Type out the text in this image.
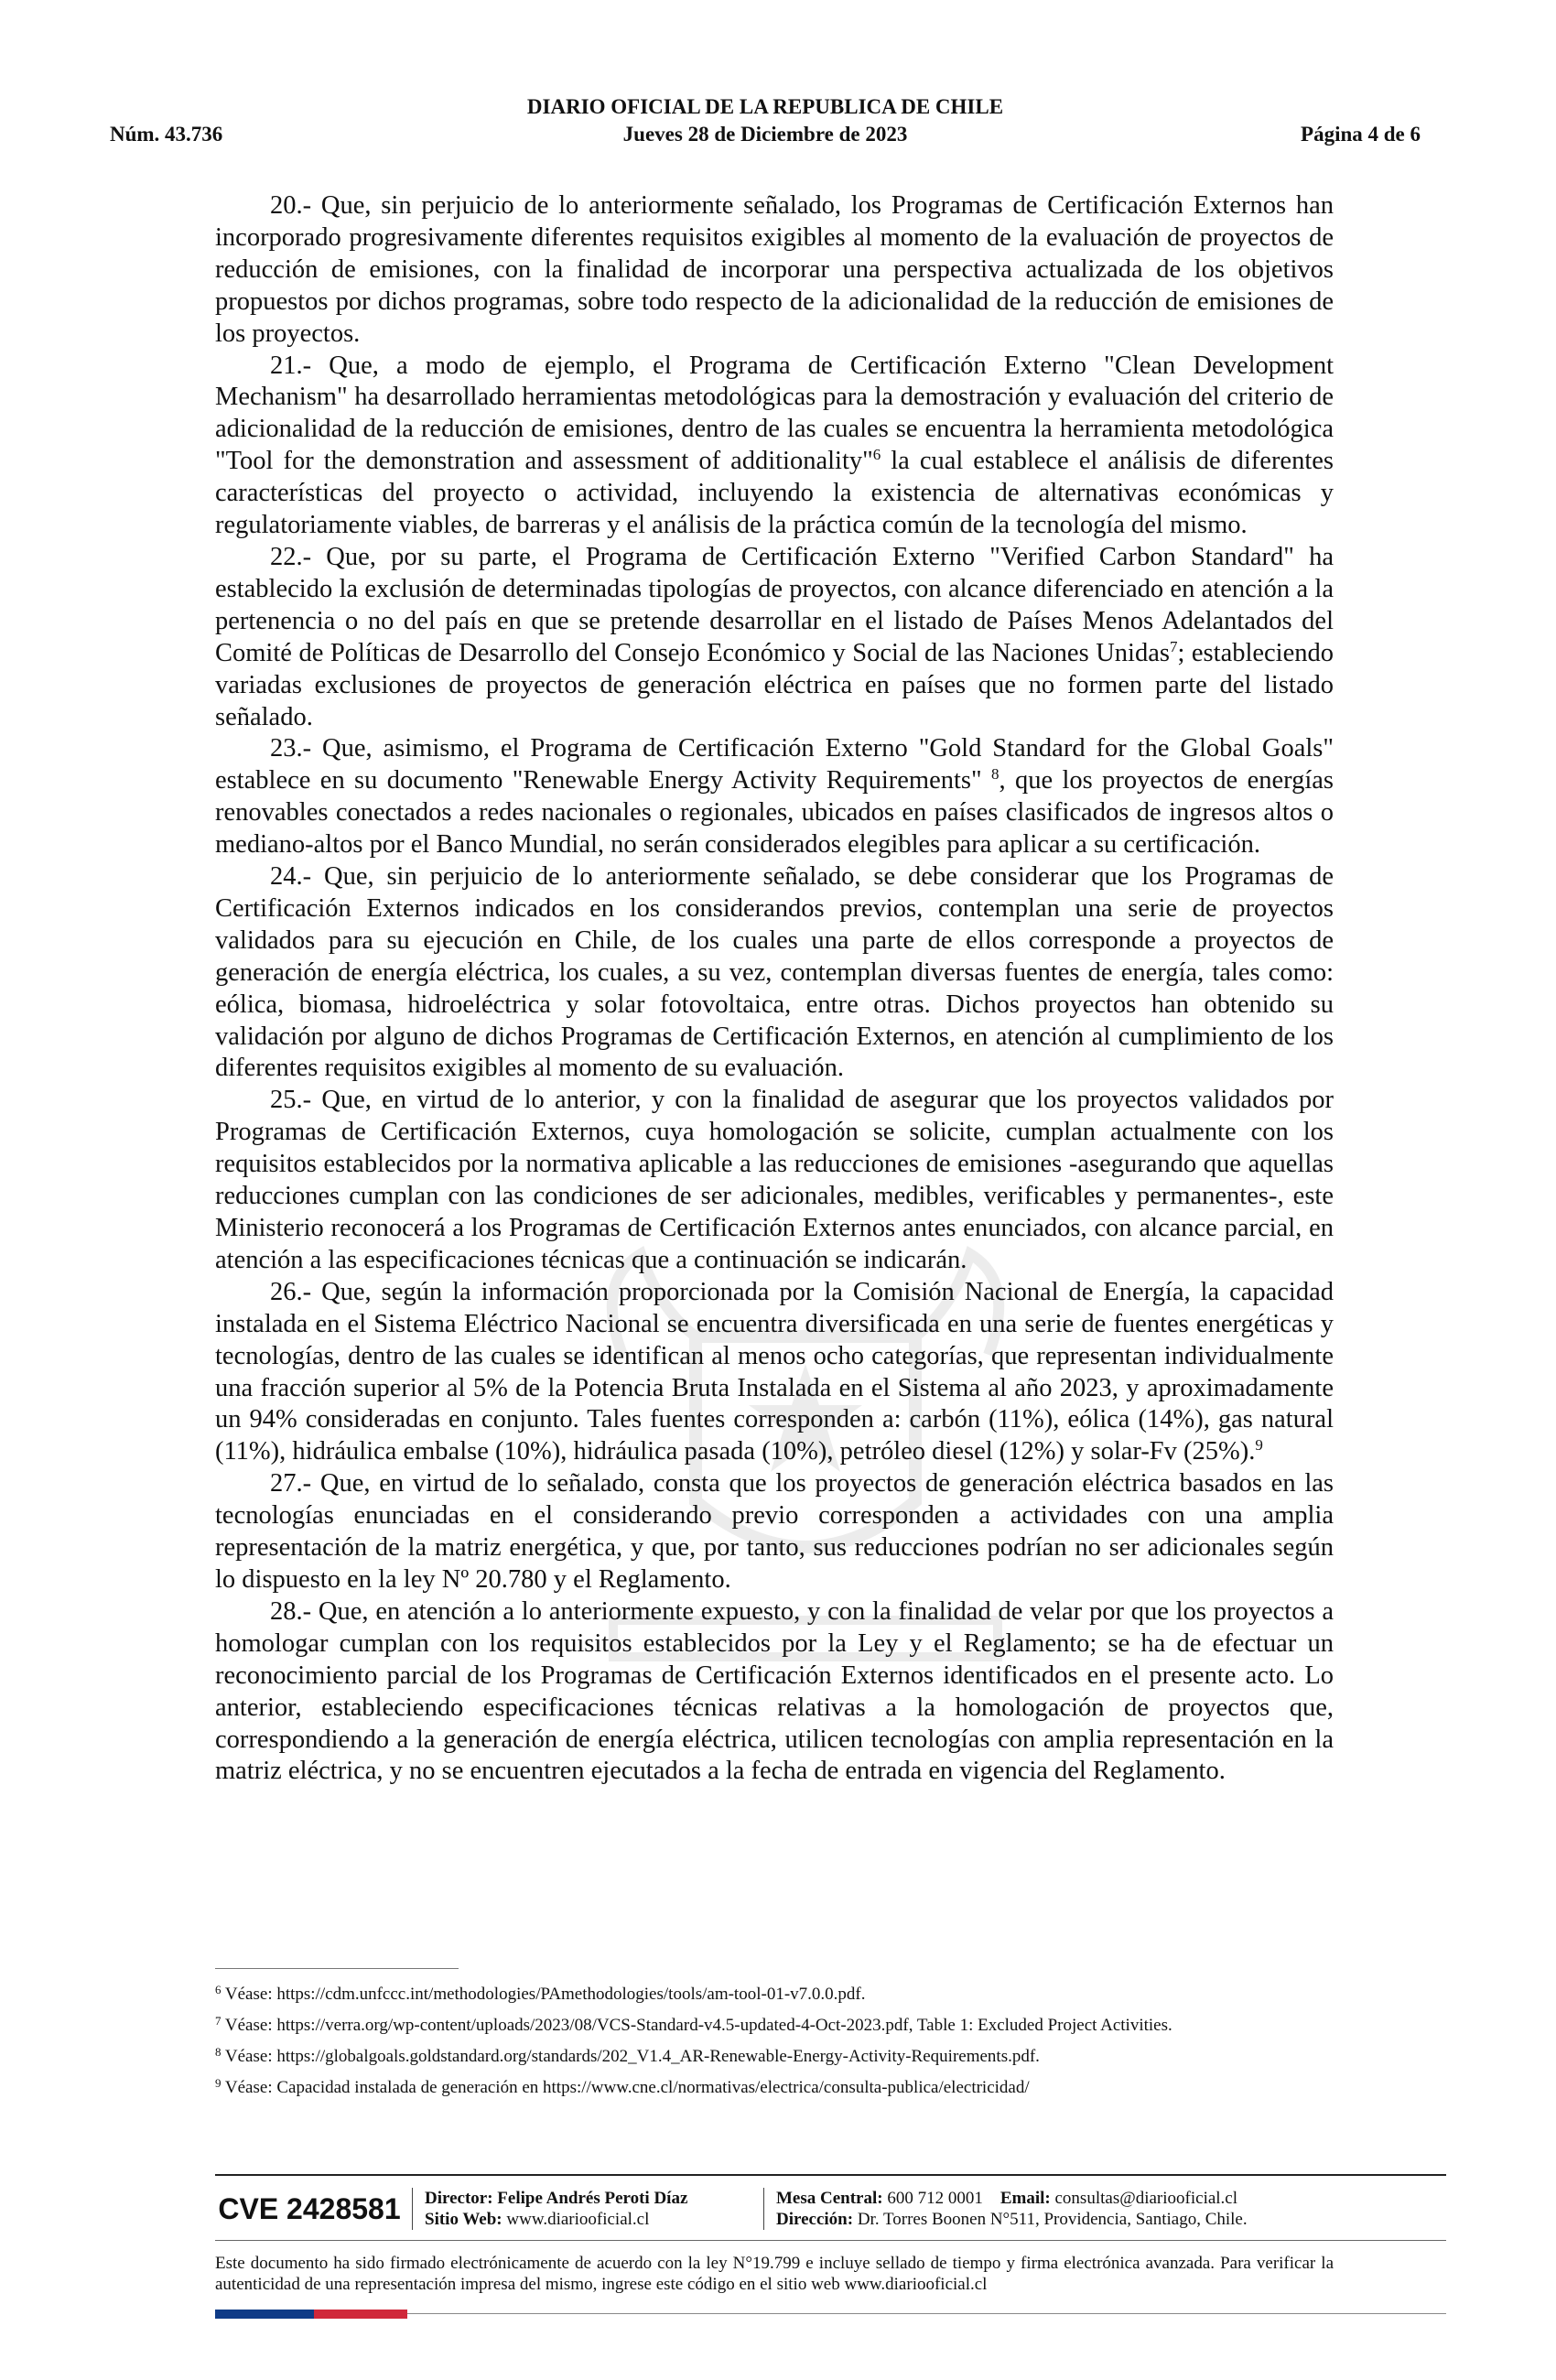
DIARIO OFICIAL DE LA REPUBLICA DE CHILE
Núm. 43.736	Jueves 28 de Diciembre de 2023	Página 4 de 6

20.- Que, sin perjuicio de lo anteriormente señalado, los Programas de Certificación Externos han incorporado progresivamente diferentes requisitos exigibles al momento de la evaluación de proyectos de reducción de emisiones, con la finalidad de incorporar una perspectiva actualizada de los objetivos propuestos por dichos programas, sobre todo respecto de la adicionalidad de la reducción de emisiones de los proyectos.

21.- Que, a modo de ejemplo, el Programa de Certificación Externo "Clean Development Mechanism" ha desarrollado herramientas metodológicas para la demostración y evaluación del criterio de adicionalidad de la reducción de emisiones, dentro de las cuales se encuentra la herramienta metodológica "Tool for the demonstration and assessment of additionality"$^6$ la cual establece el análisis de diferentes características del proyecto o actividad, incluyendo la existencia de alternativas económicas y regulatoriamente viables, de barreras y el análisis de la práctica común de la tecnología del mismo.

22.- Que, por su parte, el Programa de Certificación Externo "Verified Carbon Standard" ha establecido la exclusión de determinadas tipologías de proyectos, con alcance diferenciado en atención a la pertenencia o no del país en que se pretende desarrollar en el listado de Países Menos Adelantados del Comité de Políticas de Desarrollo del Consejo Económico y Social de las Naciones Unidas$^7$; estableciendo variadas exclusiones de proyectos de generación eléctrica en países que no formen parte del listado señalado.

23.- Que, asimismo, el Programa de Certificación Externo "Gold Standard for the Global Goals" establece en su documento "Renewable Energy Activity Requirements" $^8$, que los proyectos de energías renovables conectados a redes nacionales o regionales, ubicados en países clasificados de ingresos altos o mediano-altos por el Banco Mundial, no serán considerados elegibles para aplicar a su certificación.

24.- Que, sin perjuicio de lo anteriormente señalado, se debe considerar que los Programas de Certificación Externos indicados en los considerandos previos, contemplan una serie de proyectos validados para su ejecución en Chile, de los cuales una parte de ellos corresponde a proyectos de generación de energía eléctrica, los cuales, a su vez, contemplan diversas fuentes de energía, tales como: eólica, biomasa, hidroeléctrica y solar fotovoltaica, entre otras. Dichos proyectos han obtenido su validación por alguno de dichos Programas de Certificación Externos, en atención al cumplimiento de los diferentes requisitos exigibles al momento de su evaluación.

25.- Que, en virtud de lo anterior, y con la finalidad de asegurar que los proyectos validados por Programas de Certificación Externos, cuya homologación se solicite, cumplan actualmente con los requisitos establecidos por la normativa aplicable a las reducciones de emisiones -asegurando que aquellas reducciones cumplan con las condiciones de ser adicionales, medibles, verificables y permanentes-, este Ministerio reconocerá a los Programas de Certificación Externos antes enunciados, con alcance parcial, en atención a las especificaciones técnicas que a continuación se indicarán.

26.- Que, según la información proporcionada por la Comisión Nacional de Energía, la capacidad instalada en el Sistema Eléctrico Nacional se encuentra diversificada en una serie de fuentes energéticas y tecnologías, dentro de las cuales se identifican al menos ocho categorías, que representan individualmente una fracción superior al 5% de la Potencia Bruta Instalada en el Sistema al año 2023, y aproximadamente un 94% consideradas en conjunto. Tales fuentes corresponden a: carbón (11%), eólica (14%), gas natural (11%), hidráulica embalse (10%), hidráulica pasada (10%), petróleo diesel (12%) y solar-Fv (25%).$^9$

27.- Que, en virtud de lo señalado, consta que los proyectos de generación eléctrica basados en las tecnologías enunciadas en el considerando previo corresponden a actividades con una amplia representación de la matriz energética, y que, por tanto, sus reducciones podrían no ser adicionales según lo dispuesto en la ley Nº 20.780 y el Reglamento.

28.- Que, en atención a lo anteriormente expuesto, y con la finalidad de velar por que los proyectos a homologar cumplan con los requisitos establecidos por la Ley y el Reglamento; se ha de efectuar un reconocimiento parcial de los Programas de Certificación Externos identificados en el presente acto. Lo anterior, estableciendo especificaciones técnicas relativas a la homologación de proyectos que, correspondiendo a la generación de energía eléctrica, utilicen tecnologías con amplia representación en la matriz eléctrica, y no se encuentren ejecutados a la fecha de entrada en vigencia del Reglamento.

$^6$ Véase: https://cdm.unfccc.int/methodologies/PAmethodologies/tools/am-tool-01-v7.0.0.pdf.

$^7$ Véase: https://verra.org/wp-content/uploads/2023/08/VCS-Standard-v4.5-updated-4-Oct-2023.pdf, Table 1: Excluded Project Activities.

$^8$ Véase: https://globalgoals.goldstandard.org/standards/202_V1.4_AR-Renewable-Energy-Activity-Requirements.pdf.

$^9$ Véase: Capacidad instalada de generación en https://www.cne.cl/normativas/electrica/consulta-publica/electricidad/

CVE 2428581	Director: Felipe Andrés Peroti Díaz
Sitio Web: www.diariooficial.cl
Mesa Central: 600 712 0001 Email: consultas@diariooficial.cl
Dirección: Dr. Torres Boonen N°511, Providencia, Santiago, Chile.
Este documento ha sido firmado electrónicamente de acuerdo con la ley N°19.799 e incluye sellado de tiempo y firma electrónica avanzada. Para verificar la autenticidad de una representación impresa del mismo, ingrese este código en el sitio web www.diariooficial.cl
